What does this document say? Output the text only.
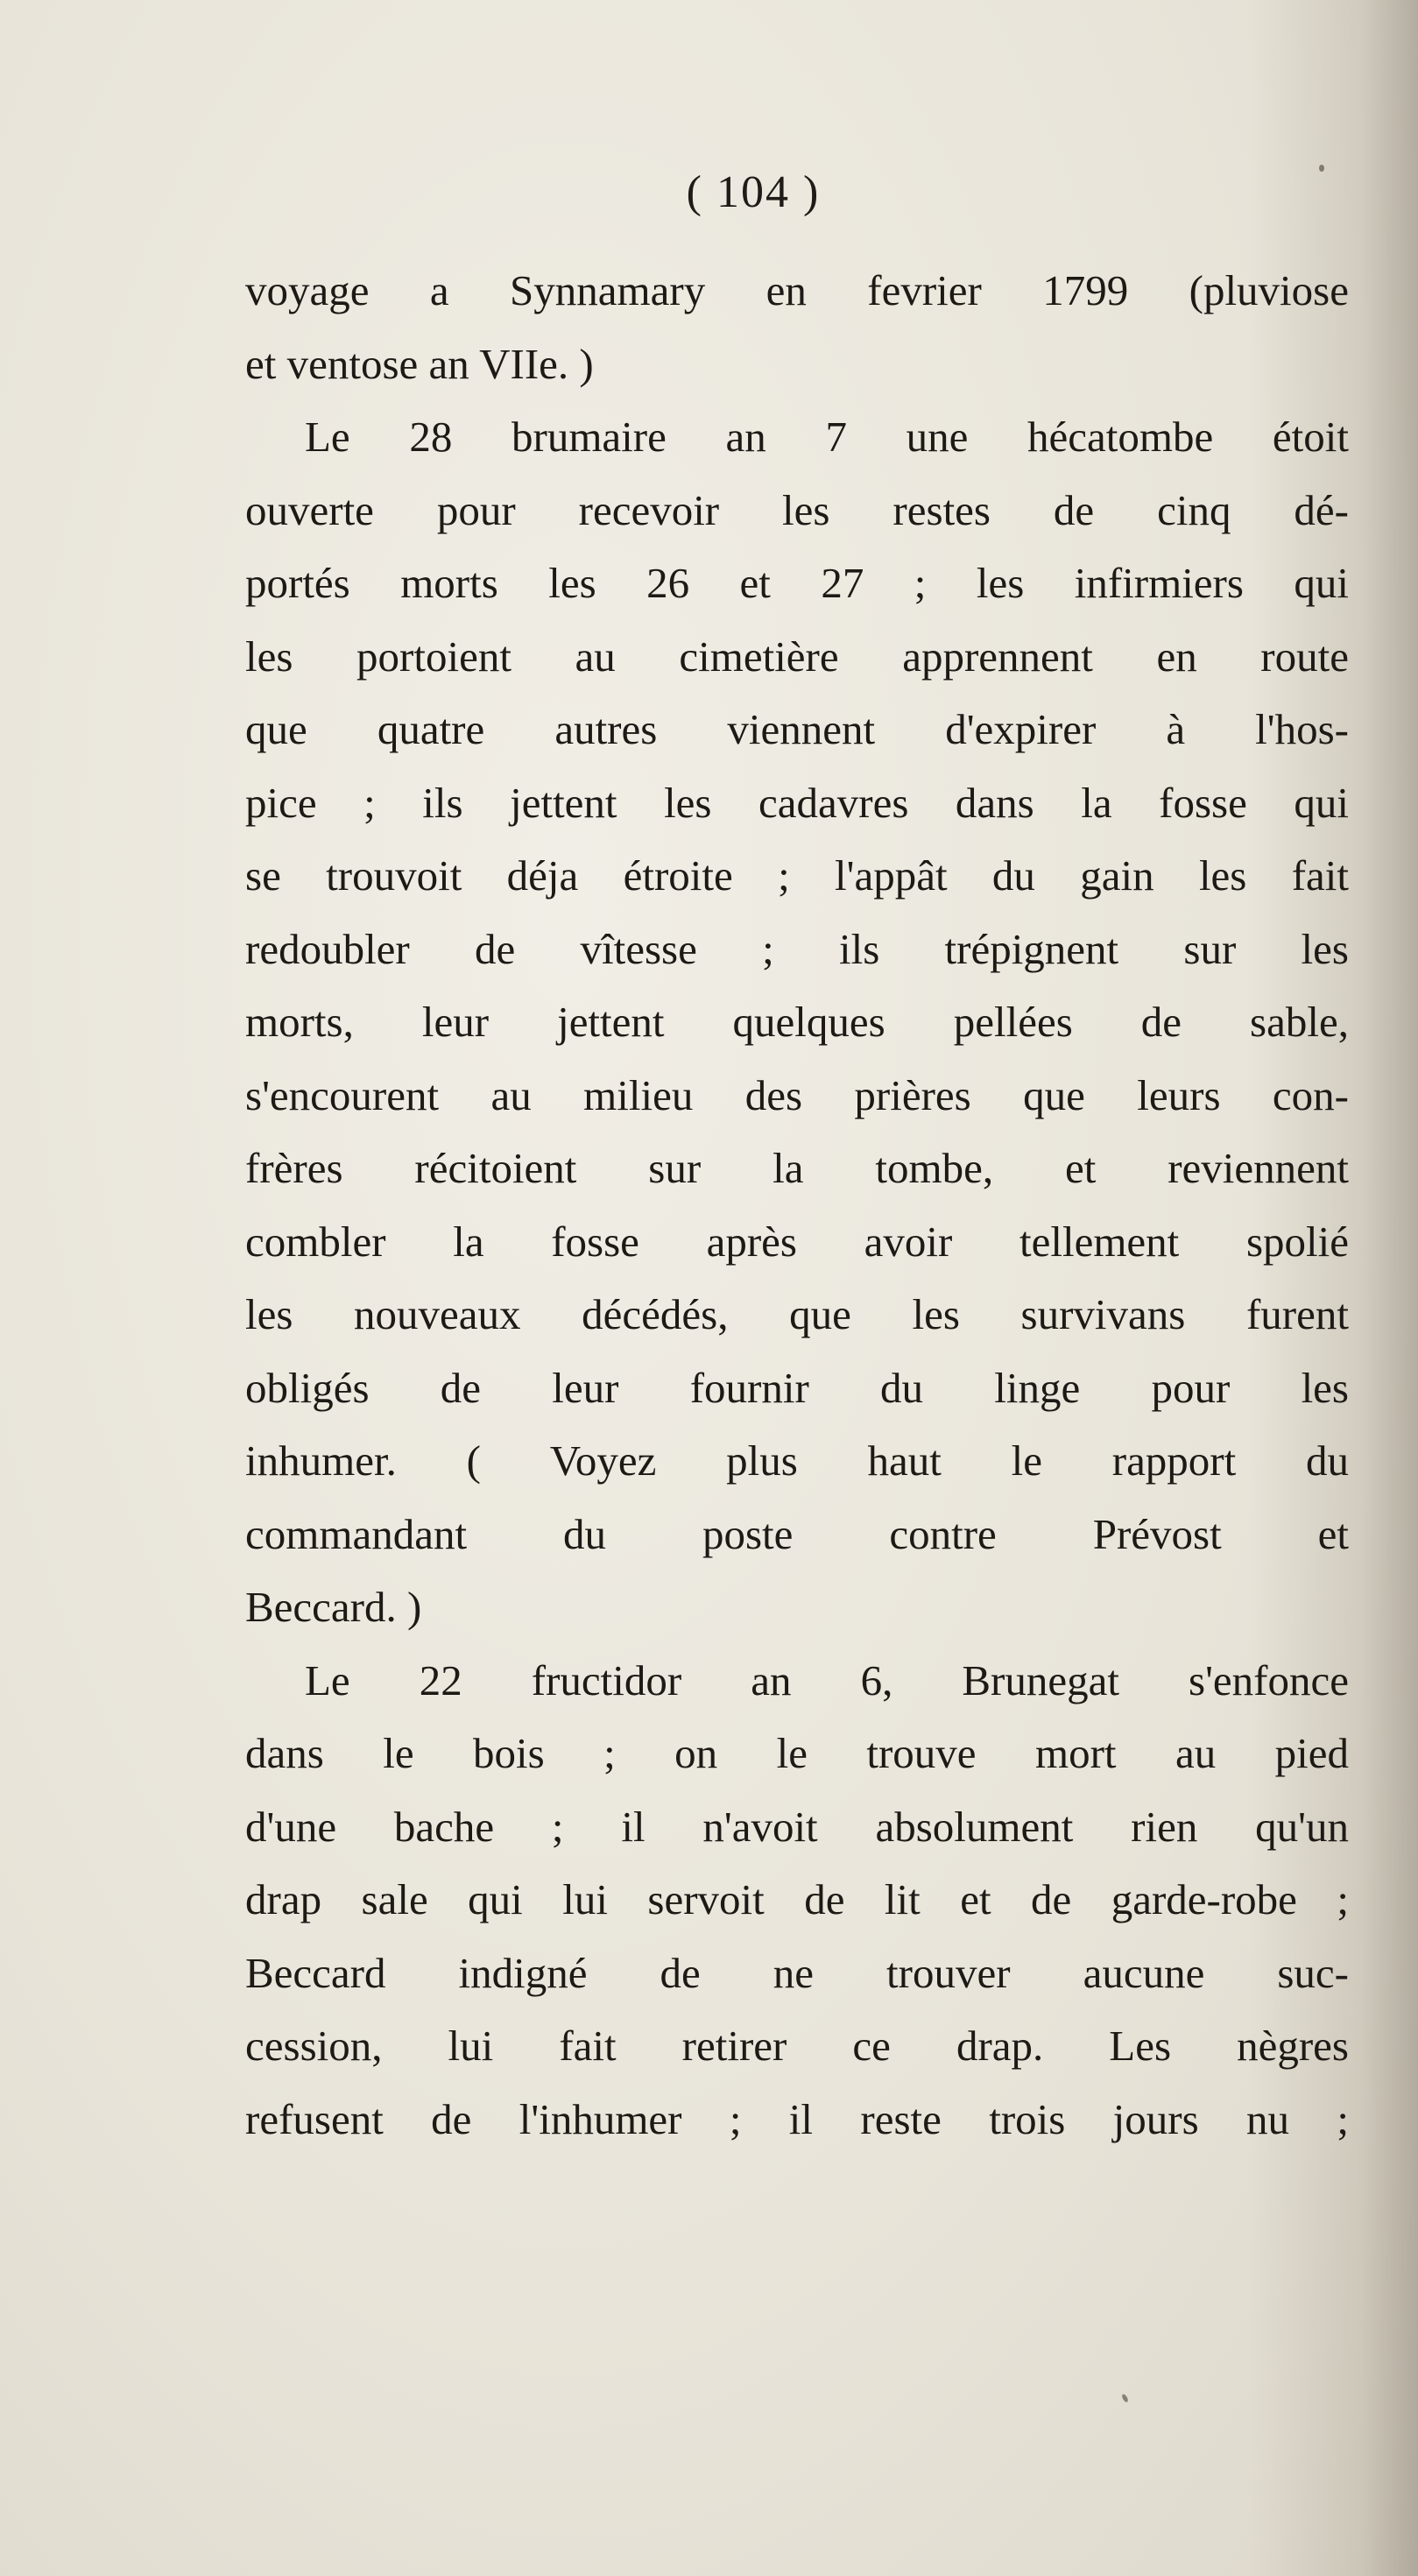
( 104 )
voyage a Synnamary en fevrier 1799 (pluviose
et ventose an VIIe. )
Le 28 brumaire an 7 une hécatombe étoit
ouverte pour recevoir les restes de cinq dé-
portés morts les 26 et 27 ; les infirmiers qui
les portoient au cimetière apprennent en route
que quatre autres viennent d'expirer à l'hos-
pice ; ils jettent les cadavres dans la fosse qui
se trouvoit déja étroite ; l'appât du gain les fait
redoubler de vîtesse ; ils trépignent sur les
morts, leur jettent quelques pellées de sable,
s'encourent au milieu des prières que leurs con-
frères récitoient sur la tombe, et reviennent
combler la fosse après avoir tellement spolié
les nouveaux décédés, que les survivans furent
obligés de leur fournir du linge pour les
inhumer. ( Voyez plus haut le rapport du
commandant du poste contre Prévost et
Beccard. )
Le 22 fructidor an 6, Brunegat s'enfonce
dans le bois ; on le trouve mort au pied
d'une bache ; il n'avoit absolument rien qu'un
drap sale qui lui servoit de lit et de garde-robe ;
Beccard indigné de ne trouver aucune suc-
cession, lui fait retirer ce drap. Les nègres
refusent de l'inhumer ; il reste trois jours nu ;
